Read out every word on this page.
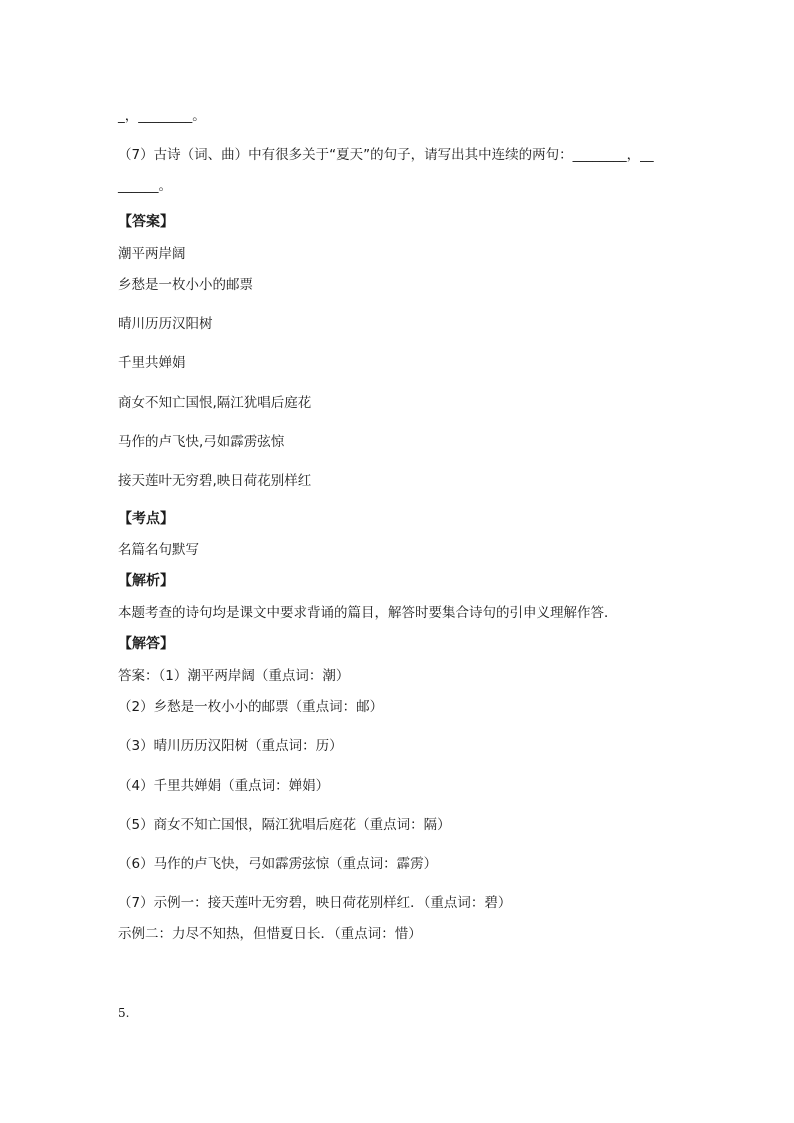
_，________。
（7）古诗（词、曲）中有很多关于“夏天”的句子，请写出其中连续的两句：________，__
______。
【答案】
潮平两岸阔
乡愁是一枚小小的邮票
晴川历历汉阳树
千里共婵娟
商女不知亡国恨,隔江犹唱后庭花
马作的卢飞快,弓如霹雳弦惊
接天莲叶无穷碧,映日荷花别样红
【考点】
名篇名句默写
【解析】
本题考查的诗句均是课文中要求背诵的篇目，解答时要集合诗句的引申义理解作答．
【解答】
答案：（1）潮平两岸阔（重点词：潮）
（2）乡愁是一枚小小的邮票（重点词：邮）
（3）晴川历历汉阳树（重点词：历）
（4）千里共婵娟（重点词：婵娟）
（5）商女不知亡国恨，隔江犹唱后庭花（重点词：隔）
（6）马作的卢飞快，弓如霹雳弦惊（重点词：霹雳）
（7）示例一：接天莲叶无穷碧，映日荷花别样红．（重点词：碧）
示例二：力尽不知热，但惜夏日长．（重点词：惜）
5.
